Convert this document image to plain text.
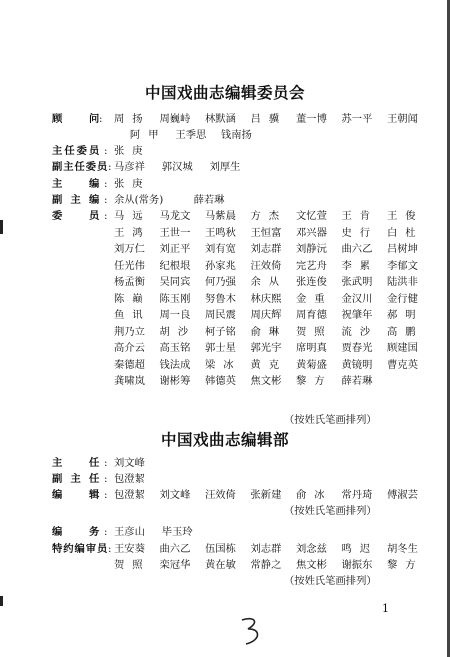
中国戏曲志编辑委员会
顾	问 : 周扬 周巍峙 林默涵 吕骥 董一博 苏一平 王朝闻
阿甲 王季思 钱南扬
主 任 委 员 : 张庚
副 主 任 委 员 : 马彦祥 郭汉城 刘厚生
主	编 : 张庚
副 主 编 : 余从(常务)	薛若琳
委	员 : 马远 马龙文 马紫晨 方杰 文忆萱 王肯 王俊
王鸿 王世一 王鸣秋 王恒富 邓兴器 史行 白杜
刘万仁 刘正平 刘有宽 刘志群 刘静沅 曲六乙 吕树坤
任光伟 纪根垠 孙家兆 汪效倚 完艺舟 李累 李郁文
杨孟衡 吴同宾 何乃强 余从 张连俊 张武明 陆洪非
陈巅 陈玉刚 努鲁木 林庆熙 金重 金汉川 金行健
鱼讯 周一良 周民震 周庆辉 周育德 祝肇年 郝明
荆乃立 胡沙 柯子铭 俞琳 贺照 流沙 高鹏
高介云 高玉铭 郭士星 郭光宇 席明真 贾春光 顾建国
秦德超 钱法成 梁冰 黄克 黄菊盛 黄镜明 曹克英
龚啸岚 谢彬筹 韩德英 焦文彬 黎方 薛若琳
（按姓氏笔画排列）
中国戏曲志编辑部
主	任 : 刘文峰
副 主 任 : 包澄絜
编	辑 : 包澄絜 刘文峰 汪效倚 张新建 俞冰 常丹琦 傅淑芸
（按姓氏笔画排列）
编	务 : 王彦山 毕玉玲
特 约 编 审 员 : 王安葵 曲六乙 伍国栋 刘志群 刘念兹 鸣迟 胡冬生
贺照 栾冠华 黄在敏 常静之 焦文彬 谢振东 黎方
（按姓氏笔画排列）
1
